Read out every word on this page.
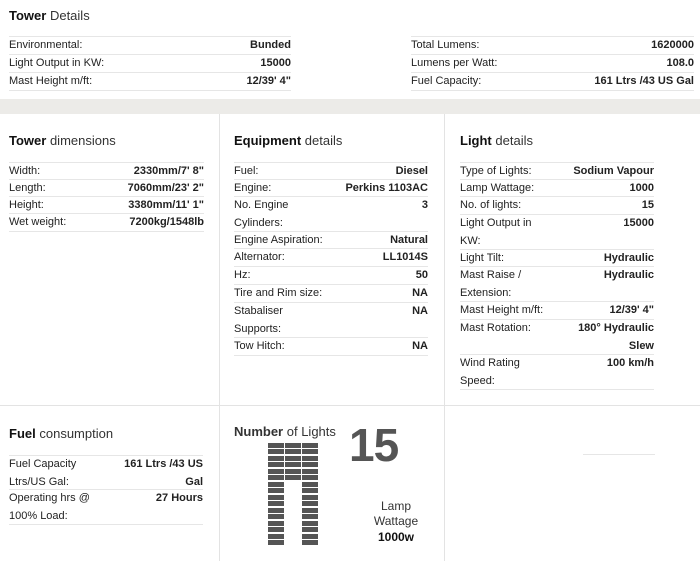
Tower Details
Environmental:	Bunded
Light Output in KW:	15000
Mast Height m/ft:	12/39' 4"
Total Lumens:	1620000
Lumens per Watt:	108.0
Fuel Capacity:	161 Ltrs /43 US Gal
Tower dimensions
Width:	2330mm/7' 8"
Length:	7060mm/23' 2"
Height:	3380mm/11' 1"
Wet weight:	7200kg/1548lb
Equipment details
Fuel:	Diesel
Engine:	Perkins 1103AC
No. Engine
Cylinders:
3
Engine Aspiration:	Natural
Alternator:	LL1014S
Hz:	50
Tire and Rim size:	NA
Stabaliser
Supports:
NA
Tow Hitch:	NA
Light details
Type of Lights:	Sodium Vapour
Lamp Wattage:	1000
No. of lights:	15
Light Output in
KW:
15000
Light Tilt:	Hydraulic
Mast Raise /
Extension:
Hydraulic
Mast Height m/ft:	12/39' 4"
Mast Rotation:	180° Hydraulic
Slew
Wind Rating
Speed:
100 km/h
Fuel consumption
Fuel Capacity
Ltrs/US Gal:
161 Ltrs /43 US
Gal
Operating hrs @
100% Load:
27 Hours
Number of Lights 15
Lamp
Wattage
1000w
